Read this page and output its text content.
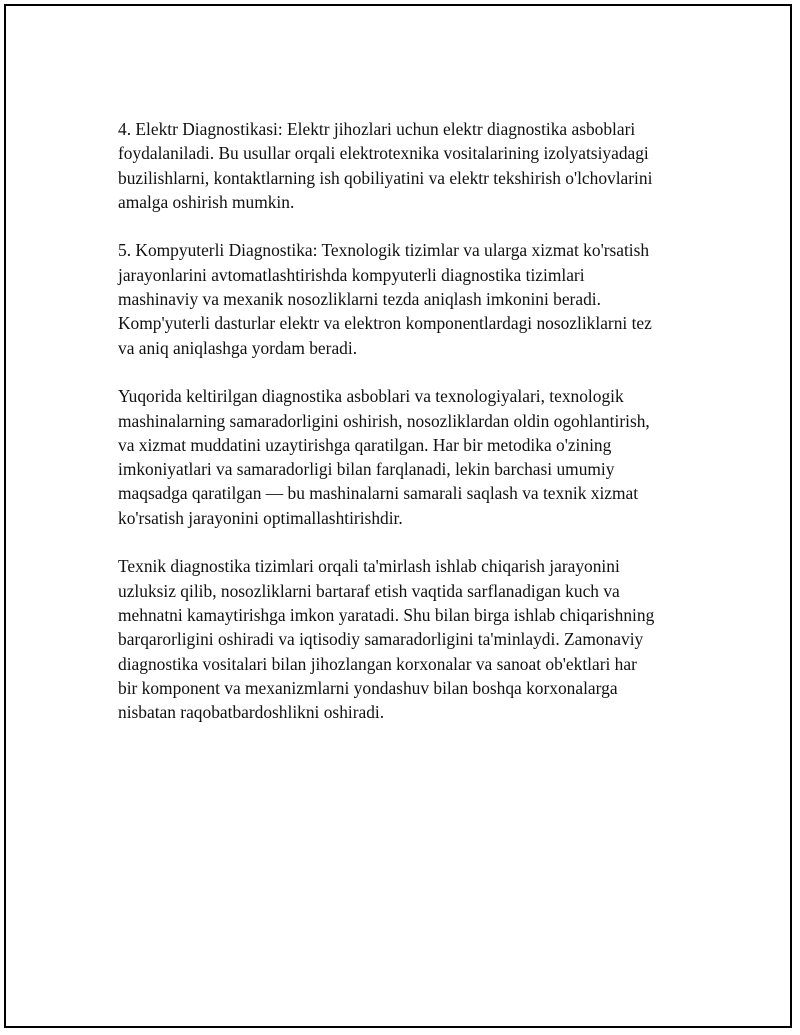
4. Elektr Diagnostikasi: Elektr jihozlari uchun elektr diagnostika asboblari
foydalaniladi. Bu usullar orqali elektrotexnika vositalarining izolyatsiyadagi
buzilishlarni, kontaktlarning ish qobiliyatini va elektr tekshirish o'lchovlarini
amalga oshirish mumkin.

5. Kompyuterli Diagnostika: Texnologik tizimlar va ularga xizmat ko'rsatish
jarayonlarini avtomatlashtirishda kompyuterli diagnostika tizimlari
mashinaviy va mexanik nosozliklarni tezda aniqlash imkonini beradi.
Komp'yuterli dasturlar elektr va elektron komponentlardagi nosozliklarni tez
va aniq aniqlashga yordam beradi.

Yuqorida keltirilgan diagnostika asboblari va texnologiyalari, texnologik
mashinalarning samaradorligini oshirish, nosozliklardan oldin ogohlantirish,
va xizmat muddatini uzaytirishga qaratilgan. Har bir metodika o'zining
imkoniyatlari va samaradorligi bilan farqlanadi, lekin barchasi umumiy
maqsadga qaratilgan — bu mashinalarni samarali saqlash va texnik xizmat
ko'rsatish jarayonini optimallashtirishdir.

Texnik diagnostika tizimlari orqali ta'mirlash ishlab chiqarish jarayonini
uzluksiz qilib, nosozliklarni bartaraf etish vaqtida sarflanadigan kuch va
mehnatni kamaytirishga imkon yaratadi. Shu bilan birga ishlab chiqarishning
barqarorligini oshiradi va iqtisodiy samaradorligini ta'minlaydi. Zamonaviy
diagnostika vositalari bilan jihozlangan korxonalar va sanoat ob'ektlari har
bir komponent va mexanizmlarni yondashuv bilan boshqa korxonalarga
nisbatan raqobatbardoshlikni oshiradi.
